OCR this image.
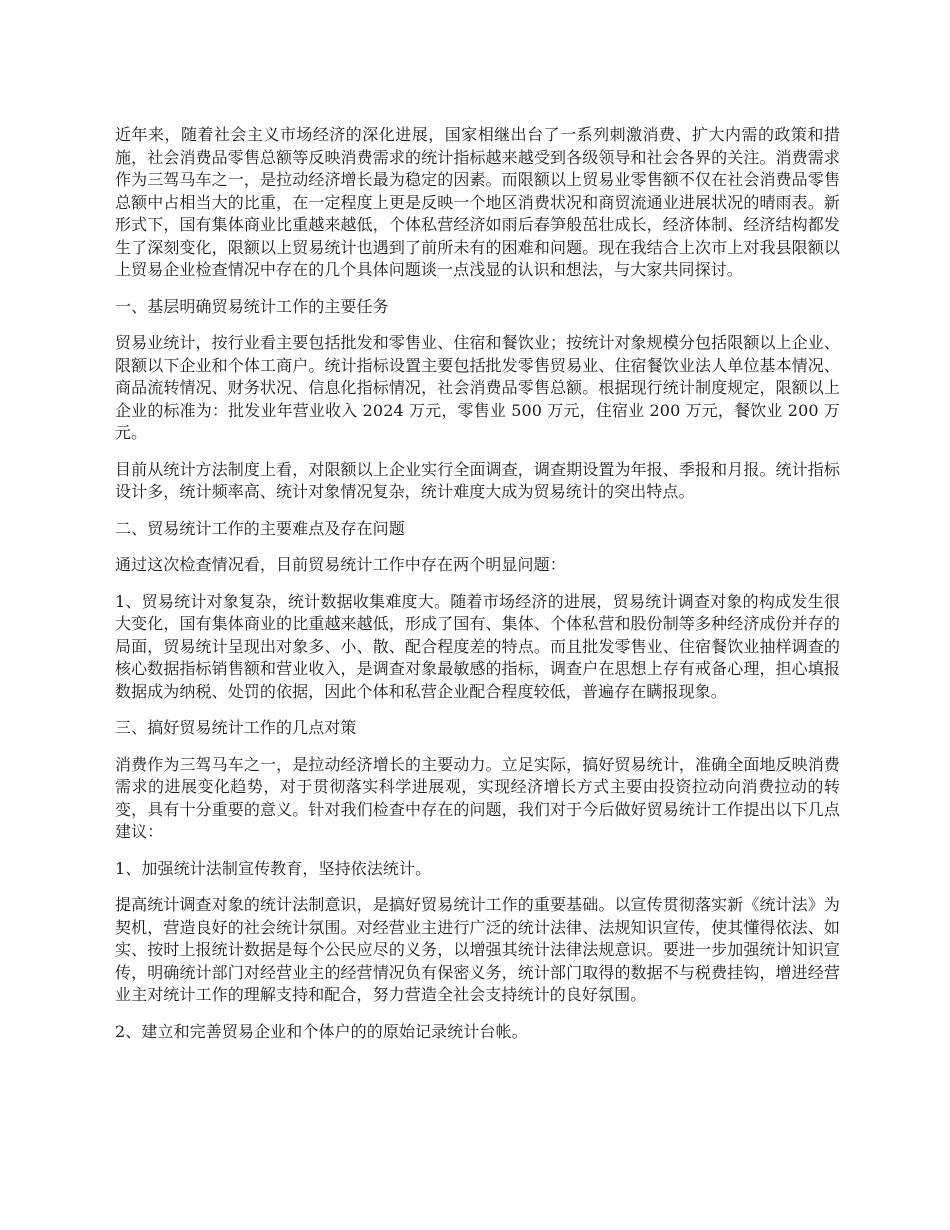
近年来，随着社会主义市场经济的深化进展，国家相继出台了一系列刺激消费、扩大内需的政策和措施，社会消费品零售总额等反映消费需求的统计指标越来越受到各级领导和社会各界的关注。消费需求作为三驾马车之一，是拉动经济增长最为稳定的因素。而限额以上贸易业零售额不仅在社会消费品零售总额中占相当大的比重，在一定程度上更是反映一个地区消费状况和商贸流通业进展状况的晴雨表。新形式下，国有集体商业比重越来越低，个体私营经济如雨后春笋般茁壮成长，经济体制、经济结构都发生了深刻变化，限额以上贸易统计也遇到了前所未有的困难和问题。现在我结合上次市上对我县限额以上贸易企业检查情况中存在的几个具体问题谈一点浅显的认识和想法，与大家共同探讨。

一、基层明确贸易统计工作的主要任务

贸易业统计，按行业看主要包括批发和零售业、住宿和餐饮业；按统计对象规模分包括限额以上企业、限额以下企业和个体工商户。统计指标设置主要包括批发零售贸易业、住宿餐饮业法人单位基本情况、商品流转情况、财务状况、信息化指标情况，社会消费品零售总额。根据现行统计制度规定，限额以上企业的标准为：批发业年营业收入 2024 万元，零售业 500 万元，住宿业 200 万元，餐饮业 200 万元。

目前从统计方法制度上看，对限额以上企业实行全面调查，调查期设置为年报、季报和月报。统计指标设计多，统计频率高、统计对象情况复杂，统计难度大成为贸易统计的突出特点。

二、贸易统计工作的主要难点及存在问题

通过这次检查情况看，目前贸易统计工作中存在两个明显问题：

1、贸易统计对象复杂，统计数据收集难度大。随着市场经济的进展，贸易统计调查对象的构成发生很大变化，国有集体商业的比重越来越低，形成了国有、集体、个体私营和股份制等多种经济成份并存的局面，贸易统计呈现出对象多、小、散、配合程度差的特点。而且批发零售业、住宿餐饮业抽样调查的核心数据指标销售额和营业收入，是调查对象最敏感的指标，调查户在思想上存有戒备心理，担心填报数据成为纳税、处罚的依据，因此个体和私营企业配合程度较低，普遍存在瞒报现象。

三、搞好贸易统计工作的几点对策

消费作为三驾马车之一，是拉动经济增长的主要动力。立足实际，搞好贸易统计，准确全面地反映消费需求的进展变化趋势，对于贯彻落实科学进展观，实现经济增长方式主要由投资拉动向消费拉动的转变，具有十分重要的意义。针对我们检查中存在的问题，我们对于今后做好贸易统计工作提出以下几点建议：

1、加强统计法制宣传教育，坚持依法统计。

提高统计调查对象的统计法制意识，是搞好贸易统计工作的重要基础。以宣传贯彻落实新《统计法》为契机，营造良好的社会统计氛围。对经营业主进行广泛的统计法律、法规知识宣传，使其懂得依法、如实、按时上报统计数据是每个公民应尽的义务，以增强其统计法律法规意识。要进一步加强统计知识宣传，明确统计部门对经营业主的经营情况负有保密义务，统计部门取得的数据不与税费挂钩，增进经营业主对统计工作的理解支持和配合，努力营造全社会支持统计的良好氛围。

2、建立和完善贸易企业和个体户的的原始记录统计台帐。
